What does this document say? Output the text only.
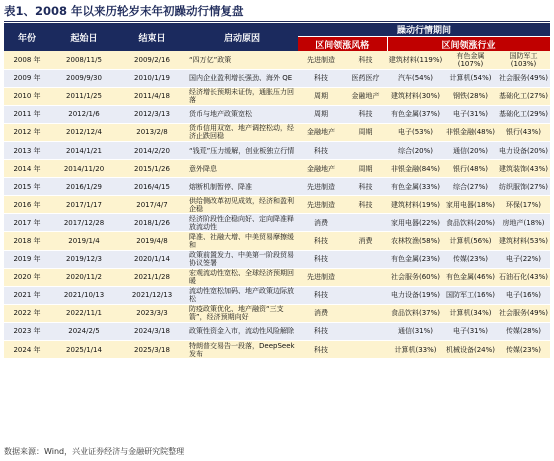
表1、2008 年以来历轮岁末年初躁动行情复盘
年份	起始日	结束日	启动原因	躁动行情期间				
				区间领涨风格		区间领涨行业		
2008 年	2008/11/5	2009/2/16	“四万亿”政策	先进制造	科技	建筑材料(119%)	有色金属(107%)	国防军工(103%)
2009 年	2009/9/30	2010/1/19	国内企业盈利增长强劲、海外 QE	科技	医药医疗	汽车(54%)	计算机(54%)	社会服务(49%)
2010 年	2011/1/25	2011/4/18	经济增长预期未证伪，通胀压力回落	周期	金融地产	建筑材料(30%)	钢铁(28%)	基础化工(27%)
2011 年	2012/1/6	2012/3/13	货币与地产政策宽松	周期	科技	有色金属(37%)	电子(31%)	基础化工(29%)
2012 年	2012/12/4	2013/2/8	货币信用双宽、地产调控松动，经济止跌回稳	金融地产	周期	电子(53%)	非银金融(48%)	银行(43%)
2013 年	2014/1/21	2014/2/20	“钱荒”压力缓解，创业板独立行情	科技		综合(20%)	通信(20%)	电力设备(20%)
2014 年	2014/11/20	2015/1/26	意外降息	金融地产	周期	非银金融(84%)	银行(48%)	建筑装饰(43%)
2015 年	2016/1/29	2016/4/15	熔断机制暂停、降准	先进制造	科技	有色金属(33%)	综合(27%)	纺织服饰(27%)
2016 年	2017/1/17	2017/4/7	供给侧改革初见成效，经济和盈利企稳	先进制造	科技	建筑材料(19%)	家用电器(18%)	环保(17%)
2017 年	2017/12/28	2018/1/26	经济阶段性企稳向好、定向降准释放流动性	消费		家用电器(22%)	食品饮料(20%)	房地产(18%)
2018 年	2019/1/4	2019/4/8	降准、社融大增、中美贸易摩擦缓和	科技	消费	农林牧渔(58%)	计算机(56%)	建筑材料(53%)
2019 年	2019/12/3	2020/1/14	政策前置发力、中美第一阶段贸易协议签署	科技		有色金属(23%)	传媒(23%)	电子(22%)
2020 年	2020/11/2	2021/1/28	宏观流动性宽松、全球经济预期回暖	先进制造		社会服务(60%)	有色金属(46%)	石油石化(43%)
2021 年	2021/10/13	2021/12/13	流动性宽松加码、地产政策边际放松	科技		电力设备(19%)	国防军工(16%)	电子(16%)
2022 年	2022/11/1	2023/3/3	防疫政策优化、地产融资“三支箭”，经济预期向好	消费		食品饮料(37%)	计算机(34%)	社会服务(49%)
2023 年	2024/2/5	2024/3/18	政策性资金入市，流动性风险解除	科技		通信(31%)	电子(31%)	传媒(28%)
2024 年	2025/1/14	2025/3/18	特朗普交易告一段落，DeepSeek 发布	科技		计算机(33%)	机械设备(24%)	传媒(23%)
数据来源：Wind，兴业证券经济与金融研究院整理
